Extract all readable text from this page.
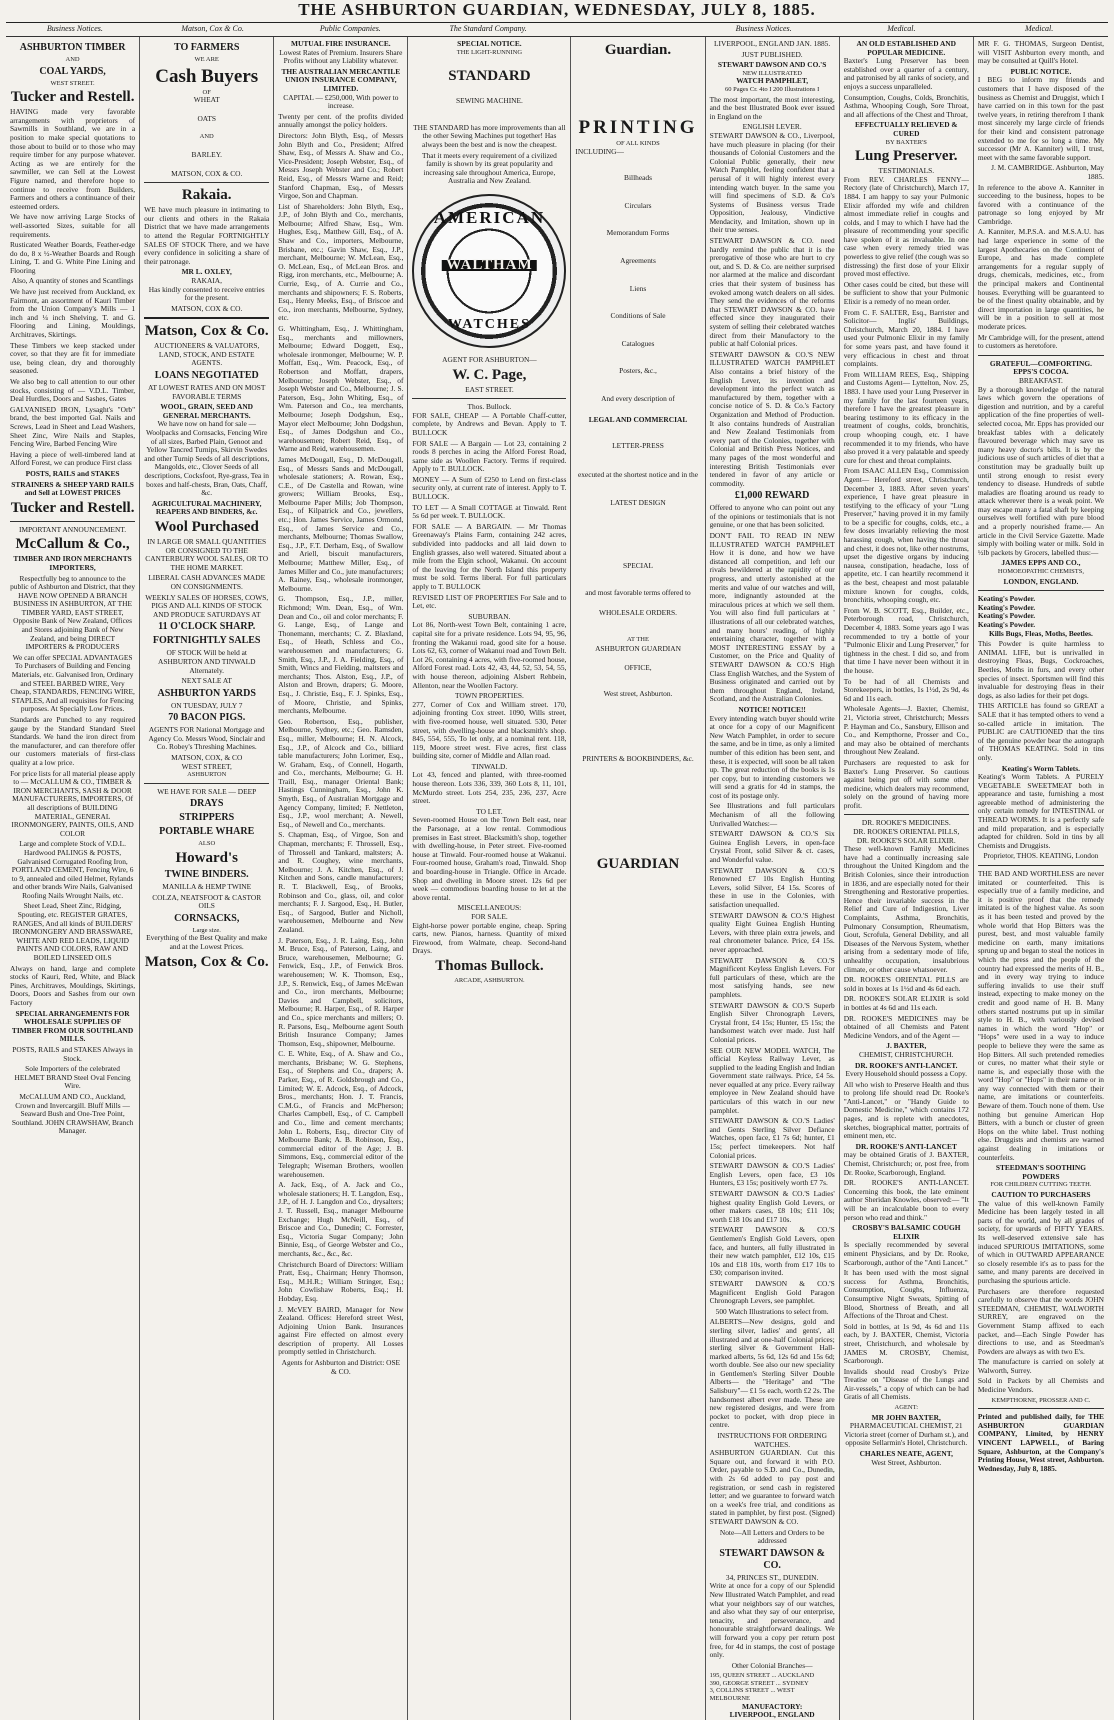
THE ASHBURTON GUARDIAN, WEDNESDAY, JULY 8, 1885.
Business Notices.	Matson, Cox & Co.	Public Companies.	The Standard Company.	Business Notices.	Medical.	Medical.
ASHBURTON TIMBER
AND
COAL YARDS,
WEST STREET.
Tucker and Restell.

HAVING made very favorable arrangements with proprietors of Sawmills in Southland, we are in a position to make special quotations to those about to build or to those who may require timber for any purpose whatever. Acting as we are entirely for the sawmiller, we can Sell at the Lowest Figure named, and therefore hope to continue to receive from Builders, Farmers and others a continuance of their esteemed orders.

We have now arriving Large Stocks of well-assorted Sizes, suitable for all requirements.

Rusticated Weather Boards, Feather-edge do do, 8 x ½-Weather Boards and Rough Lining, T. and G. White Pine Lining and Flooring

Also, A quantity of stones and Scantlings

We have just received from Auckland, ex Fairmont, an assortment of Kauri Timber from the Union Company's Mills — 1 inch and ¼ inch Shelving, T. and G. Flooring and Lining, Mouldings, Architraves, Skirtings.

These Timbers we keep stacked under cover, so that they are fit for immediate use, being clean, dry and thoroughly seasoned.

We also beg to call attention to our other stocks, consisting of — V.D.L. Timber, Deal Hurdles, Doors and Sashes, Gates

GALVANISED IRON, Lysaght's "Orb" brand, the best imported Gal. Nails and Screws, Lead in Sheet and Lead Washers, Sheet Zinc, Wire Nails and Staples, Fencing Wire, Barbed Fencing Wire

Having a piece of well-timbered land at Alford Forest, we can produce First class

POSTS, RAILS and STAKES

STRAINERS & SHEEP YARD RAILS and Sell at LOWEST PRICES

Tucker and Restell.

IMPORTANT ANNOUNCEMENT.

McCallum & Co.,

TIMBER AND IRON MERCHANTS IMPORTERS,

Respectfully beg to announce to the public of Ashburton and District, that they HAVE NOW OPENED A BRANCH BUSINESS IN ASHBURTON, AT THE TIMBER YARD, EAST STREET, Opposite Bank of New Zealand, Offices and Stores adjoining Bank of New Zealand, and being DIRECT IMPORTERS & PRODUCERS

We can offer SPECIAL ADVANTAGES To Purchasers of Building and Fencing Materials, etc. Galvanised Iron, Ordinary and STEEL BARBED WIRE, Very Cheap, STANDARDS, FENCING WIRE, STAPLES, And all requisites for Fencing purposes. At Specially Low Prices.

Standards are Punched to any required gauge by the Standard Standard Steel Standards. We hand the iron direct from the manufacturer, and can therefore offer our customers materials of first-class quality at a low price.

For price lists for all material please apply to — McCALLUM & CO., TIMBER & IRON MERCHANTS, SASH & DOOR MANUFACTURERS, IMPORTERS, Of all descriptions of BUILDING MATERIAL, GENERAL IRONMONGERY, PAINTS, OILS, AND COLOR

Large and complete Stock of V.D.L. Hardwood PALINGS & POSTS, Galvanised Corrugated Roofing Iron, PORTLAND CEMENT, Fencing Wire, 6 to 9, annealed and oiled Helmet, Rylands and other brands Wire Nails, Galvanised Roofing Nails Wrought Nails, etc.

Sheet Lead, Sheet Zinc, Ridging, Spouting, etc. REGISTER GRATES, RANGES, And all kinds of BUILDERS' IRONMONGERY AND BRASSWARE, WHITE AND RED LEADS, LIQUID PAINTS AND COLORS, RAW AND BOILED LINSEED OILS

Always on hand, large and complete stocks of Kauri, Red, White, and Black Pines, Architraves, Mouldings, Skirtings, Doors, Doors and Sashes from our own Factory

SPECIAL ARRANGEMENTS FOR WHOLESALE SUPPLIES OF TIMBER FROM OUR SOUTHLAND MILLS.

POSTS, RAILS and STAKES Always in Stock.

Sole Importers of the celebrated HELMET BRAND Steel Oval Fencing Wire.

McCALLUM AND CO., Auckland, Crown and Invercargill. Bluff Mills — Seaward Bush and One-Tree Point, Southland. JOHN CRAWSHAW, Branch Manager.

TO FARMERS
WE ARE
Cash Buyers
OF
WHEAT
OATS
AND
BARLEY.
MATSON, COX & CO.
Rakaia.

WE have much pleasure in intimating to our clients and others in the Rakaia District that we have made arrangements to attend the Regular FORTNIGHTLY SALES OF STOCK There, and we have every confidence in soliciting a share of their patronage.

MR L. OXLEY,
RAKAIA,

Has kindly consented to receive entries for the present.

MATSON, COX & CO.
Matson, Cox & Co.

AUCTIONEERS & VALUATORS, LAND, STOCK, AND ESTATE AGENTS.

LOANS NEGOTIATED

AT LOWEST RATES AND ON MOST FAVORABLE TERMS

WOOL, GRAIN, SEED AND GENERAL MERCHANTS.

We have now on hand for sale — Woolpacks and Cornsacks, Fencing Wire of all sizes, Barbed Plain, Genoot and Yellow Tancred Turnips, Skirvin Swedes and other Turnip Seeds of all descriptions, Mangolds, etc., Clover Seeds of all descriptions, Cocksfoot, Rye-grass, Tea in boxes and half-chests, Bran, Oats, Chaff, &c.

AGRICULTURAL MACHINERY, REAPERS AND BINDERS, &c.
Wool Purchased

IN LARGE OR SMALL QUANTITIES OR CONSIGNED TO THE CANTERBURY WOOL SALES, OR TO THE HOME MARKET.

LIBERAL CASH ADVANCES MADE ON CONSIGNMENTS.

WEEKLY SALES OF HORSES, COWS, PIGS AND ALL KINDS OF STOCK AND PRODUCE SATURDAYS AT

11 O'CLOCK SHARP.
FORTNIGHTLY SALES

OF STOCK Will be held at ASHBURTON AND TINWALD Alternately.

NEXT SALE AT

ASHBURTON YARDS

ON TUESDAY, JULY 7

70 BACON PIGS.

AGENTS FOR National Mortgage and Agency Co. Messrs Wood, Sinclair and Co. Robey's Threshing Machines.

MATSON, COX, & CO
WEST STREET,
ASHBURTON

WE HAVE FOR SALE — DEEP

DRAYS
STRIPPERS
PORTABLE WHARE
ALSO
Howard's
TWINE BINDERS.

MANILLA & HEMP TWINE

COLZA, NEATSFOOT & CASTOR OILS

CORNSACKS,
Large size.

Everything of the Best Quality and make and at the Lowest Prices.

Matson, Cox & Co.
MUTUAL FIRE INSURANCE.

Lowest Rates of Premium. Insurers Share Profits without any Liability whatever.

THE AUSTRALIAN MERCANTILE UNION INSURANCE COMPANY, LIMITED.

CAPITAL — £250,000, With power to increase.

Twenty per cent. of the profits divided annually amongst the policy holders.

Directors: John Blyth, Esq., of Messrs John Blyth and Co., President; Alfred Shaw, Esq., of Messrs A. Shaw and Co., Vice-President; Joseph Webster, Esq., of Messrs Joseph Webster and Co.; Robert Reid, Esq., of Messrs Warne and Reid; Stanford Chapman, Esq., of Messrs Virgoe, Son and Chapman.

List of Shareholders: John Blyth, Esq., J.P., of John Blyth and Co., merchants, Melbourne; Alfred Shaw, Esq., Wm. Hughes, Esq., Matthew Gill, Esq., of A. Shaw and Co., importers, Melbourne, Brisbane, etc.; Gavin Shaw, Esq., J.P., merchant, Melbourne; W. McLean, Esq., O. McLean, Esq., of McLean Bros. and Rigg, iron merchants, etc., Melbourne; A. Currie, Esq., of A. Currie and Co., merchants and shipowners; F. S. Roberts, Esq., Henry Meeks, Esq., of Briscoe and Co., iron merchants, Melbourne, Sydney, etc.

G. Whittingham, Esq., J. Whittingham, Esq., merchants and millowners, Melbourne; Edward Doggett, Esq., wholesale ironmonger, Melbourne; W. P. Moffatt, Esq., Wm. Peacock, Esq., of Robertson and Moffatt, drapers, Melbourne; Joseph Webster, Esq., of Joseph Webster and Co., Melbourne; J. S. Paterson, Esq., John Whiting, Esq., of Wm. Paterson and Co., tea merchants, Melbourne; Joseph Dodgshun, Esq., Mayor elect Melbourne; John Dodgshun, Esq., of James Dodgshun and Co., warehousemen; Robert Reid, Esq., of Warne and Reid, warehousemen.

James McDougall, Esq., D. McDougall, Esq., of Messrs Sands and McDougall, wholesale stationers; A. Rowan, Esq., C.E., of De Castella and Rowan, wine growers; William Brooks, Esq., Melbourne Paper Mills; Job Thompson, Esq., of Kilpatrick and Co., jewellers, etc.; Hon. James Service, James Ormond, Esq., of James Service and Co., merchants, Melbourne; Thomas Swallow, Esq., J.P., F.T. Derham, Esq., of Swallow and Ariell, biscuit manufacturers, Melbourne; Matthew Miller, Esq., of James Miller and Co., jute manufacturers; A. Rainey, Esq., wholesale ironmonger, Melbourne.

G. Thompson, Esq., J.P., miller, Richmond; Wm. Dean, Esq., of Wm. Dean and Co., oil and color merchants; F. G. Lange, Esq., of Lange and Thonemann, merchants; C. Z. Blaxland, Esq., of Heath, Schless and Co., warehousemen and manufacturers; G. Smith, Esq., J.P., J. A. Fielding, Esq., of Smith, Wincs and Fielding, maltsters and merchants; Thos. Alston, Esq., J.P., of Alston and Brown, drapers; G. Moore, Esq., J. Christie, Esq., F. J. Spinks, Esq., of Moore, Christie, and Spinks, merchants, Melbourne.

Geo. Robertson, Esq., publisher, Melbourne, Sydney, etc.; Geo. Ramsden, Esq., miller, Melbourne; H. N. Alcock, Esq., J.P., of Alcock and Co., billiard table manufacturers; John Lorimer, Esq., W. Graham, Esq., of Connell, Hogarth, and Co., merchants, Melbourne; G. H. Traill, Esq., manager Oriental Bank; Hastings Cunningham, Esq., John K. Smyth, Esq., of Australian Mortgage and Agency Company, limited; F. Nettleton, Esq., J.P., wool merchant; A. Newell, Esq., of Newell and Co., merchants.

S. Chapman, Esq., of Virgoe, Son and Chapman, merchants; F. Throssell, Esq., of Throssell and Tankard, maltsters; A. and R. Coughey, wine merchants, Melbourne; J. A. Kitchen, Esq., of J. Kitchen and Sons, candle manufacturers; R. T. Blackwell, Esq., of Brooks, Robinson and Co., glass, oil, and color merchants; F. J. Sargood, Esq., H. Butler, Esq., of Sargood, Butler and Nicholl, warehousemen, Melbourne and New Zealand.

J. Paterson, Esq., J. R. Laing, Esq., John M. Bruce, Esq., of Paterson, Laing, and Bruce, warehousemen, Melbourne; G. Fenwick, Esq., J.P., of Fenwick Bros. warehousemen; W. K. Thomson, Esq., J.P., S. Renwick, Esq., of James McEwan and Co., iron merchants, Melbourne; Davies and Campbell, solicitors, Melbourne; R. Harper, Esq., of R. Harper and Co., spice merchants and millers; O. R. Parsons, Esq., Melbourne agent South British Insurance Company; James Thomson, Esq., shipowner, Melbourne.

C. E. White, Esq., of A. Shaw and Co., merchants, Brisbane; W. G. Stephens, Esq., of Stephens and Co., drapers; A. Parker, Esq., of R. Goldsbrough and Co., Limited; W. E. Adcock, Esq., of Adcock, Bros., merchants; Hon. J. T. Francis, C.M.G., of Francis and McPherson; Charles Campbell, Esq., of C. Campbell and Co., lime and cement merchants; John L. Roberts, Esq., director City of Melbourne Bank; A. B. Robinson, Esq., commercial editor of the Age; J. B. Simmons, Esq., commercial editor of the Telegraph; Wiseman Brothers, woollen warehousemen.

A. Jack, Esq., of A. Jack and Co., wholesale stationers; H. T. Langdon, Esq., J.P., of H. J. Langdon and Co., drysalters; J. T. Russell, Esq., manager Melbourne Exchange; Hugh McNeill, Esq., of Briscoe and Co., Dunedin; C. Forrester, Esq., Victoria Sugar Company; John Binnie, Esq., of George Webster and Co., merchants, &c., &c., &c.

Christchurch Board of Directors: William Pratt, Esq., Chairman; Henry Thomson, Esq., M.H.R.; William Stringer, Esq.; John Cowlishaw Roberts, Esq.; H. Hobday, Esq.

J. McVEY BAIRD, Manager for New Zealand. Offices: Hereford street West, Adjoining Union Bank. Insurances against Fire effected on almost every description of property. All Losses promptly settled in Christchurch.

Agents for Ashburton and District: OSE & CO.

SPECIAL NOTICE.
THE LIGHT-RUNNING
STANDARD
SEWING MACHINE.

THE STANDARD has more improvements than all the other Sewing Machines put together! Has always been the best and is now the cheapest.

That it meets every requirement of a civilized family is shown by its great popularity and increasing sale throughout America, Europe, Australia and New Zealand.

AMERICAN
WALTHAM
WATCHES

AGENT FOR ASHBURTON—

W. C. Page,
EAST STREET.
Thos. Bullock.

FOR SALE, CHEAP — A Portable Chaff-cutter, complete, by Andrews and Bevan. Apply to T. BULLOCK

FOR SALE — A Bargain — Lot 23, containing 2 roods 8 perches in acing the Alford Forest Road, same side as Woollen Factory. Terms if required. Apply to T. BULLOCK.

MONEY — A Sum of £250 to Lend on first-class security only, at current rate of interest. Apply to T. BULLOCK.

TO LET — A Small COTTAGE at Tinwald. Rent 5s 6d per week. T. BULLOCK.

FOR SALE — A BARGAIN. — Mr Thomas Greenaway's Plains Farm, containing 242 acres, subdivided into paddocks and all laid down to English grasses, also well watered. Situated about a mile from the Elgin school, Wakanui. On account of the leaving for the North Island this property must be sold. Terms liberal. For full particulars apply to T. BULLOCK

REVISED LIST OF PROPERTIES For Sale and to Let, etc.

SUBURBAN.

Lot 86, North-west Town Belt, containing 1 acre, capital site for a private residence. Lots 94, 95, 96, fronting the Wakanui road, good site for a house. Lots 62, 63, corner of Wakanui road and Town Belt. Lot 26, containing 4 acres, with five-roomed house, Alford Forest road. Lots 42, 43, 44, 52, 53, 54, 55, with house thereon, adjoining Alsbert Rehbein, Allenton, near the Woollen Factory.

TOWN PROPERTIES.

277, Corner of Cox and William street. 170, adjoining fronting Cox street. 1090, Wills street, with five-roomed house, well situated. 530, Peter street, with dwelling-house and blacksmith's shop. 845, 554, 555, To let only, at a nominal rent. 118, 119, Moore street west. Five acres, first class building site, corner of Middle and Allan road.

TINWALD.

Lot 43, fenced and planted, with three-roomed house thereon. Lots 336, 339, 360 Lots 8, 11, 101, McMurdo street. Lots 254, 235, 236, 237, Acre street.

TO LET.

Seven-roomed House on the Town Belt east, near the Parsonage, at a low rental. Commodious premises in East street. Blacksmith's shop, together with dwelling-house, in Peter street. Five-roomed house at Tinwald. Four-roomed house at Wakanui. Four-roomed house, Graham's road, Tinwald. Shop and boarding-house in Triangle. Office in Arcade. Shop and dwelling in Moore street. 12s 6d per week — commodious boarding house to let at the above rental.

MISCELLANEOUS:
FOR SALE.

Eight-horse power portable engine, cheap. Spring carts, new. Pianos, harness. Quantity of mixed Firewood, from Walmate, cheap. Second-hand Drays.

Thomas Bullock.
ARCADE, ASHBURTON.
Guardian.
PRINTING
OF ALL KINDS
INCLUDING—

Billheads

Circulars

Memorandum Forms

Agreements

Liens

Conditions of Sale

Catalogues

Posters, &c.,

And every description of

LEGAL AND COMMERCIAL

LETTER-PRESS

executed at the shortest notice and in the

LATEST DESIGN
SPECIAL

and most favorable terms offered to

WHOLESALE ORDERS.

AT THE

ASHBURTON GUARDIAN
OFFICE,

West street, Ashburton.

PRINTERS & BOOKBINDERS, &c.
GUARDIAN

LIVERPOOL, ENGLAND JAN. 1885.

JUST PUBLISHED.

STEWART DAWSON AND CO.'S
NEW ILLUSTRATED
WATCH PAMPHLET,

60 Pages Cr. 4to I 200 Illustrations I

The most important, the most interesting, and the best Illustrated Book ever issued in England on the

ENGLISH LEVER.

STEWART DAWSON & CO., Liverpool, have much pleasure in placing (for their thousands of Colonial Customers and the Colonial Public generally, their new Watch Pamphlet, feeling confident that a perusal of it will highly interest every intending watch buyer. In the same you will find specimens of S.D. & Co's Systems of Business versus Trade Opposition, Jealousy, Vindictive Mendacity, and Imitation, shown up in their true senses.

STEWART DAWSON & CO. need hardly remind the public that it is the prerogative of those who are hurt to cry out, and S. D. & Co. are neither surprised nor alarmed at the malice and discordant cries that their system of business has evoked among watch dealers on all sides. They send the evidences of the reforms that STEWART DAWSON & CO. have effected since they inaugurated their system of selling their celebrated watches direct from their Manufactory to the public at half Colonial prices.

STEWART DAWSON & CO.'S NEW ILLUSTRATED WATCH PAMPHLET Also contains a brief history of the English Lever, its invention and development into the perfect watch as manufactured by them, together with a concise notice of S. D. & Co.'s Factory Organization and Method of Production. It also contains hundreds of Australian and New Zealand Testimonials from every part of the Colonies, together with Colonial and British Press Notices, and many pages of the most wonderful and interesting British Testimonials ever tendered in favor of any article or commodity.

£1,000 REWARD

Offered to anyone who can point out any of the opinions or testimonials that is not genuine, or one that has been solicited.

DON'T FAIL TO READ IN NEW ILLUSTRATED WATCH PAMPHLET How it is done, and how we have distanced all competition, and left our rivals bewildered at the rapidity of our progress, and utterly astonished at the merits and value of our watches and will, more, indignantly astounded at the miraculous prices at which we sell them. You will also find full particulars at ' illustrations of all our celebrated watches, and many hours' reading, of highly entertaining character, together with a MOST INTERESTING ESSAY by a Customer, on the Price and Quality of STEWART DAWSON & CO.'S High Class English Watches, and the System of Business originated and carried out by them throughout England, Ireland, Scotland, and the Australian Colonies.

NOTICE! NOTICE!!

Every intending watch buyer should write at once for a copy of our Magnificent New Watch Pamphlet, in order to secure the same, and be in time, as only a limited number of this edition has been sent, and these, it is expected, will soon be all taken up. The great reduction of the books is 1s per copy, but to intending customers we will send a gratis for 4d in stamps, the cost of its postage only.

See Illustrations and full particulars Mechanism of all the following Unrivalled Watches:—

STEWART DAWSON & CO.'S Six Guinea English Levers, in open-face Crystal Front, solid Silver & ct. cases, and Wonderful value.

STEWART DAWSON & CO.'S Renowned £7 10s English Hunting Levers, solid Silver, £4 15s. Scores of these in use in the Colonies, with satisfaction unequalled.

STEWART DAWSON & CO.'S Highest quality Eight Guinea English Hunting Levers, with three plain extra jewels, and real chronometer balance. Price, £4 15s. never approached.

STEWART DAWSON & CO.'S Magnificent Keyless English Levers. For full particulars of these, which are the most satisfying hands, see new pamphlets.

STEWART DAWSON & CO.'S Superb English Silver Chronograph Levers, Crystal front, £4 15s; Hunter, £5 15s; the handsomest watch ever made. Just half Colonial prices.

SEE OUR NEW MODEL WATCH, The official Keyless Railway Lever, as supplied to the leading English and Indian Government state railways. Price, £4 5s. never equalled at any price. Every railway employee in New Zealand should have particulars of this watch in our new pamphlet.

STEWART DAWSON & CO.'S Ladies' and Gents Sterling Silver Defiance Watches, open face, £1 7s 6d; hunter, £1 15s; perfect timekeepers. Not half Colonial prices.

STEWART DAWSON & CO.'S Ladies' English Levers, open face, £3 10s Hunters, £3 15s; positively worth £7 7s.

STEWART DAWSON & CO.'S Ladies' highest quality English Gold Levers, or other makers cases, £8 10s; £11 10s; worth £18 10s and £17 10s.

STEWART DAWSON & CO.'S Gentlemen's English Gold Levers, open face, and hunters, all fully illustrated in their new watch pamphlet, £12 10s, £15 10s and £18 10s, worth from £17 10s to £30; comparison invited.

STEWART DAWSON & CO.'S Magnificent English Gold Paragon Chronograph Levers, see pamphlet.

500 Watch Illustrations to select from.

ALBERTS—New designs, gold and sterling silver, ladies' and gents', all illustrated and at one-half Colonial prices; sterling silver & Government Hall-marked alberts, 5s 6d, 12s 6d and 15s 6d; worth double. See also our new speciality in Gentlemen's Sterling Silver Double Alberts— the "Heritage" and "The Salisbury"— £1 5s each, worth £2 2s. The handsomest albert ever made. These are new registered designs, and were from pocket to pocket, with drop piece in centre.

INSTRUCTIONS FOR ORDERING WATCHES.

ASHBURTON GUARDIAN. Cut this Square out, and forward it with P.O. Order, payable to S.D. and Co., Dunedin, with 2s 6d added to pay post and registration, or send cash in registered letter; and we guarantee to forward watch on a week's free trial, and conditions as stated in pamphlet, by first post. (Signed) STEWART DAWSON & CO.

Note—All Letters and Orders to be addressed

STEWART DAWSON & CO.
34, PRINCES ST., DUNEDIN.

Write at once for a copy of our Splendid New Illustrated Watch Pamphlet, and read what your neighbors say of our watches, and also what they say of our enterprise, tenacity, and perseverance, and honourable straightforward dealings. We will forward you a copy per return post free, for 4d in stamps, the cost of postage only.

Other Colonial Branches—

195, QUEEN STREET ... AUCKLAND

390, GEORGE STREET ... SYDNEY

3, COLLINS STREET ... WEST MELBOURNE

MANUFACTORY:
LIVERPOOL, ENGLAND
AN OLD ESTABLISHED AND POPULAR MEDICINE.

Baxter's Lung Preserver has been established over a quarter of a century, and patronised by all ranks of society, and enjoys a success unparalleled.

Consumption, Coughs, Colds, Bronchitis, Asthma, Whooping Cough, Sore Throat, and all affections of the Chest and Throat,

EFFECTUALLY RELIEVED & CURED
BY BAXTER'S
Lung Preserver.
TESTIMONIALS.

From REV. CHARLES FENNY— Rectory (late of Christchurch), March 17, 1884. I am happy to say your Pulmonic Elixir afforded my wife and children almost immediate relief in coughs and colds, and I may to which I have had the pleasure of recommending your specific have spoken of it as invaluable. In one case when every remedy tried was powerless to give relief (the cough was so distressing) the first dose of your Elixir proved most effective.

Other cases could be cited, but these will be sufficient to show that your Pulmonic Elixir is a remedy of no mean order.

From C. F. SALTER, Esq., Barrister and Solicitor— Inglis' Buildings, Christchurch, March 20, 1884. I have used your Pulmonic Elixir in my family for some years past, and have found it very efficacious in chest and throat complaints.

From WILLIAM REES, Esq., Shipping and Customs Agent— Lyttelton, Nov. 25, 1883. I have used your Lung Preserver in my family for the last fourteen years, therefore I have the greatest pleasure in bearing testimony to its efficacy in the treatment of coughs, colds, bronchitis, croup whooping cough, etc. I have recommended it to my friends, who have also proved it a very palatable and speedy cure for chest and throat complaints.

From ISAAC ALLEN Esq., Commission Agent— Hereford street, Christchurch, December 3, 1883. After seven years' experience, I have great pleasure in testifying to the efficacy of your "Lung Preserver," having proved it in my family to be a specific for coughs, colds, etc., a few doses invariably relieving the most harassing cough, when having the throat and chest, it does not, like other nostrums, upset the digestive organs by inducing nausea, constipation, headache, loss of appetite, etc. I can heartily recommend it as the best, cheapest and most palatable mixture known for coughs, colds, bronchitis, whooping cough, etc.

From W. B. SCOTT, Esq., Builder, etc., Peterborough road, Christchurch, December 4, 1883. Some years ago I was recommended to try a bottle of your "Pulmonic Elixir and Lung Preserver," for tightness in the chest. I did so, and from that time I have never been without it in the house.

To be had of all Chemists and Storekeepers, in bottles, 1s 1½d, 2s 9d, 4s 6d and 11s each.

Wholesale Agents—J. Baxter, Chemist, 21, Victoria street, Christchurch; Messrs P. Hayman and Co., Sansbury, Ellison and Co., and Kempthorne, Prosser and Co., and may also be obtained of merchants throughout New Zealand.

Purchasers are requested to ask for Baxter's Lung Preserver. So cautious against being put off with some other medicine, which dealers may recommend, solely on the ground of having more profit.

DR. ROOKE'S MEDICINES.
DR. ROOKE'S ORIENTAL PILLS,
DR. ROOKE'S SOLAR ELIXIR.

These well-known Family Medicines have had a continually increasing sale throughout the United Kingdom and the British Colonies, since their introduction in 1836, and are especially noted for their Strengthening and Restorative properties. Hence their invariable success in the Relief and Cure of Indigestion, Liver Complaints, Asthma, Bronchitis, Pulmonary Consumption, Rheumatism, Gout, Scrofula, General Debility, and all Diseases of the Nervous System, whether arising from a sedentary mode of life, unhealthy occupation, insalubrious climate, or other cause whatsoever.

DR. ROOKE'S ORIENTAL PILLS are sold in boxes at 1s 1½d and 4s 6d each.

DR. ROOKE'S SOLAR ELIXIR is sold in bottles at 4s 6d and 11s each.

DR. ROOKE'S MEDICINES may be obtained of all Chemists and Patent Medicine Vendors, and of the Agent —

J. BAXTER,

CHEMIST, CHRISTCHURCH.

DR. ROOKE'S ANTI-LANCET.

Every Household should possess a Copy.

All who wish to Preserve Health and thus to prolong life should read Dr. Rooke's "Anti-Lancet," or "Handy Guide to Domestic Medicine," which contains 172 pages, and is replete with anecdotes, sketches, biographical matter, portraits of eminent men, etc.

DR. ROOKE'S ANTI-LANCET

may be obtained Gratis of J. BAXTER, Chemist, Christchurch; or, post free, from Dr. Rooke, Scarborough, England.

DR. ROOKE'S ANTI-LANCET. Concerning this book, the late eminent author Sheridan Knowles, observed:— "It will be an incalculable boon to every person who read and think."

CROSBY'S BALSAMIC COUGH ELIXIR

Is specially recommended by several eminent Physicians, and by Dr. Rooke, Scarborough, author of the "Anti Lancet."

It has been used with the most signal success for Asthma, Bronchitis, Consumption, Coughs, Influenza, Consumptive Night Sweats, Spitting of Blood, Shortness of Breath, and all Affections of the Throat and Chest.

Sold in bottles, at 1s 9d, 4s 6d and 11s each, by J. BAXTER, Chemist, Victoria street, Christchurch, and wholesale by JAMES M. CROSBY, Chemist, Scarborough.

Invalids should read Crosby's Prize Treatise on "Disease of the Lungs and Air-vessels," a copy of which can be had Gratis of all Chemists.

AGENT:

MR JOHN BAXTER,

PHARMACEUTICAL CHEMIST, 21 Victoria street (corner of Durham st.), and opposite Sellarmin's Hotel, Christchurch.

CHARLES NEATE, AGENT,

West Street, Ashburton.

MR F. G. THOMAS, Surgeon Dentist, will VISIT Ashburton every month, and may be consulted at Quill's Hotel.

PUBLIC NOTICE.

I BEG to inform my friends and customers that I have disposed of the business as Chemist and Druggist, which I have carried on in this town for the past twelve years, in retiring therefrom I thank most sincerely my large circle of friends for their kind and consistent patronage extended to me for so long a time. My successor (Mr A. Kanniter) will, I trust, meet with the same favorable support.

J. M. CAMBRIDGE. Ashburton, May 1885.

In reference to the above A. Kanniter in succeeding to the business, hopes to be favored with a continuance of the patronage so long enjoyed by Mr Cambridge.

A. Kanniter, M.P.S.A. and M.S.A.U. has had large experience in some of the largest Apothecaries on the Continent of Europe, and has made complete arrangements for a regular supply of drugs, chemicals, medicines, etc., from the principal makers and Continental houses. Everything will be guaranteed to be of the finest quality obtainable, and by direct importation in large quantities, he will be in a position to sell at most moderate prices.

Mr Cambridge will, for the present, attend to customers as heretofore.

GRATEFUL—COMFORTING.
EPPS'S COCOA.
BREAKFAST.

By a thorough knowledge of the natural laws which govern the operations of digestion and nutrition, and by a careful application of the fine properties of well-selected cocoa, Mr. Epps has provided our breakfast tables with a delicately flavoured beverage which may save us many heavy doctor's bills. It is by the judicious use of such articles of diet that a constitution may be gradually built up until strong enough to resist every tendency to disease. Hundreds of subtle maladies are floating around us ready to attack wherever there is a weak point. We may escape many a fatal shaft by keeping ourselves well fortified with pure blood and a properly nourished frame.— An article in the Civil Service Gazette. Made simply with boiling water or milk. Sold in ½lb packets by Grocers, labelled thus:—

JAMES EPPS AND CO.,

HOMOEOPATHIC CHEMISTS,

LONDON, ENGLAND.

Keating's Powder.

Keating's Powder.

Keating's Powder.

Keating's Powder.

Kills Bugs, Fleas, Moths, Beetles.

This Powder is quite harmless to ANIMAL LIFE, but is unrivalled in destroying Fleas, Bugs, Cockroaches, Beetles, Moths in furs, and every other species of insect. Sportsmen will find this invaluable for destroying fleas in their dogs, as also ladies for their pet dogs.

THIS ARTICLE has found so GREAT a SALE that it has tempted others to vend a so-called article in imitation. The PUBLIC are CAUTIONED that the tins of the genuine powder bear the autograph of THOMAS KEATING. Sold in tins only.

Keating's Worm Tablets.

Keating's Worm Tablets. A PURELY VEGETABLE SWEETMEAT both in appearance and taste, furnishing a most agreeable method of administering the only certain remedy for INTESTINAL or THREAD WORMS. It is a perfectly safe and mild preparation, and is especially adapted for children. Sold in tins by all Chemists and Druggists.

Proprietor, THOS. KEATING, London

THE BAD AND WORTHLESS are never imitated or counterfeited. This is especially true of a family medicine, and it is positive proof that the remedy imitated is of the highest value. As soon as it has been tested and proved by the whole world that Hop Bitters was the purest, best, and most valuable family medicine on earth, many imitations sprung up and began to steal the notices in which the press and the people of the country had expressed the merits of H. B., and in every way trying to induce suffering invalids to use their stuff instead, expecting to make money on the credit and good name of H. B. Many others started nostrums put up in similar style to H. B., with variously devised names in which the word "Hop" or "Hops" were used in a way to induce people to believe they were the same as Hop Bitters. All such pretended remedies or cures, no matter what their style or name is, and especially those with the word "Hop" or "Hops" in their name or in any way connected with them or their name, are imitations or counterfeits. Beware of them. Touch none of them. Use nothing but genuine American Hop Bitters, with a bunch or cluster of green Hops on the white label. Trust nothing else. Druggists and chemists are warned against dealing in imitations or counterfeits.

STEEDMAN'S SOOTHING POWDERS

FOR CHILDREN CUTTING TEETH.

CAUTION TO PURCHASERS

The value of this well-known Family Medicine has been largely tested in all parts of the world, and by all grades of society, for upwards of FIFTY YEARS. Its well-deserved extensive sale has induced SPURIOUS IMITATIONS, some of which in OUTWARD APPEARANCE so closely resemble it's as to pass for the same, and many parents are deceived in purchasing the spurious article.

Purchasers are therefore requested carefully to observe that the words JOHN STEEDMAN, CHEMIST, WALWORTH SURREY, are engraved on the Government Stamp affixed to each packet, and—Each Single Powder has directions to use, and as Steedman's Powders are always as with two E's.

The manufacture is carried on solely at Walworth, Surrey.

Sold in Packets by all Chemists and Medicine Vendors.

KEMPTHORNE, PROSSER AND C.

Printed and published daily, for THE ASHBURTON GUARDIAN COMPANY, Limited, by HENRY VINCENT LAPWELL, of Baring Square, Ashburton, at the Company's Printing House, West street, Ashburton. Wednesday, July 8, 1885.
